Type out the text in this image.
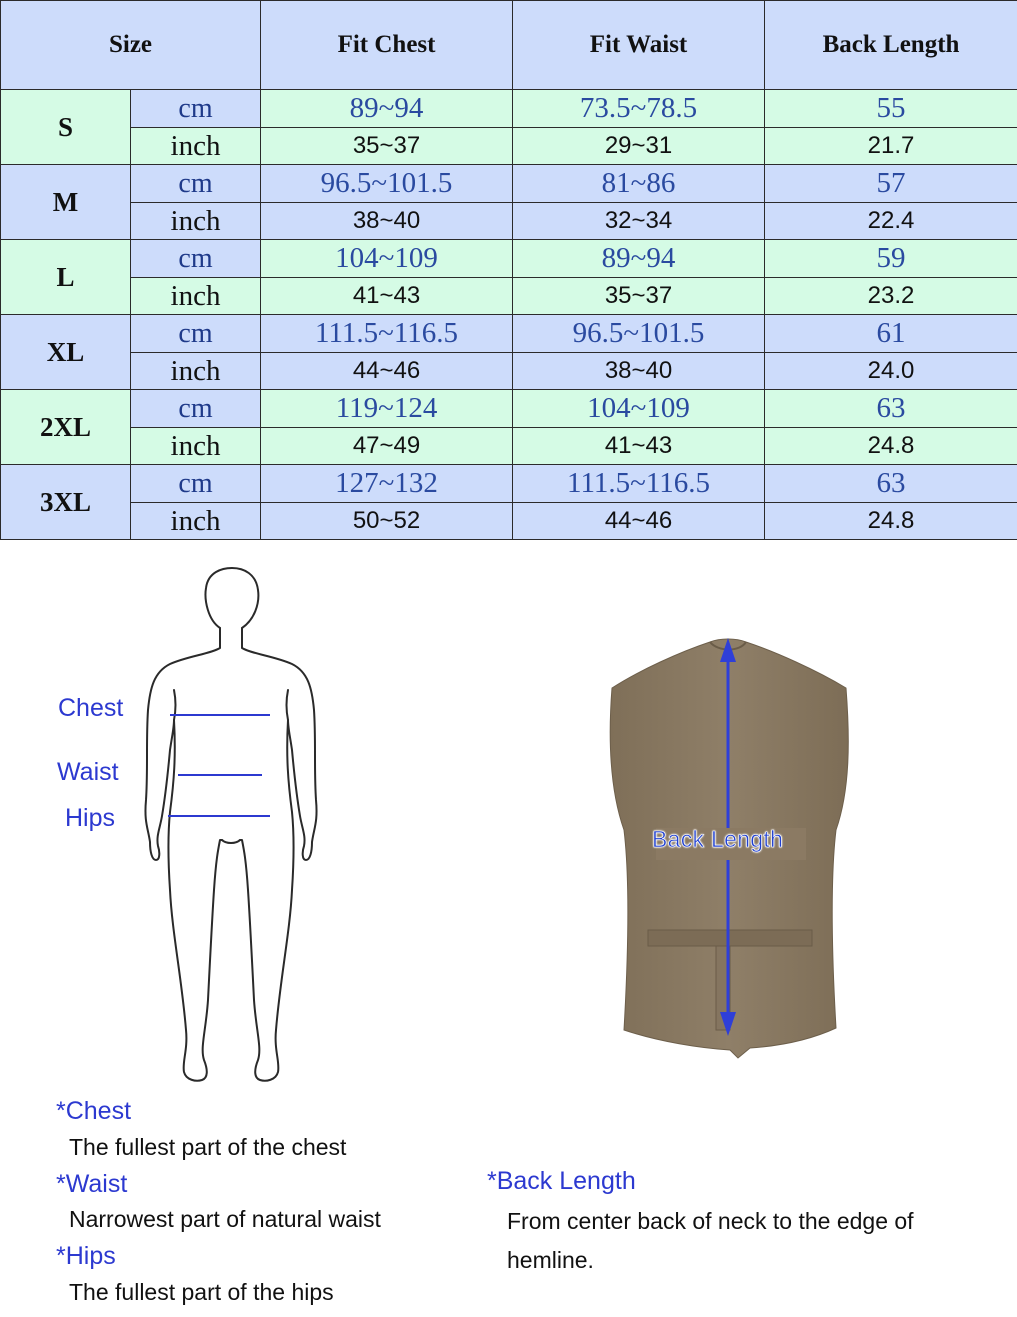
Size		Fit Chest	Fit Waist	Back Length
S	cm	89~94	73.5~78.5	55
	inch	35~37	29~31	21.7
M	cm	96.5~101.5	81~86	57
	inch	38~40	32~34	22.4
L	cm	104~109	89~94	59
	inch	41~43	35~37	23.2
XL	cm	111.5~116.5	96.5~101.5	61
	inch	44~46	38~40	24.0
2XL	cm	119~124	104~109	63
	inch	47~49	41~43	24.8
3XL	cm	127~132	111.5~116.5	63
	inch	50~52	44~46	24.8
Chest
Waist
Hips
Back Length
*Chest
The fullest part of the chest
*Waist
Narrowest part of natural waist
*Hips
The fullest part of the hips
*Back Length
From center back of neck to the edge of
hemline.
